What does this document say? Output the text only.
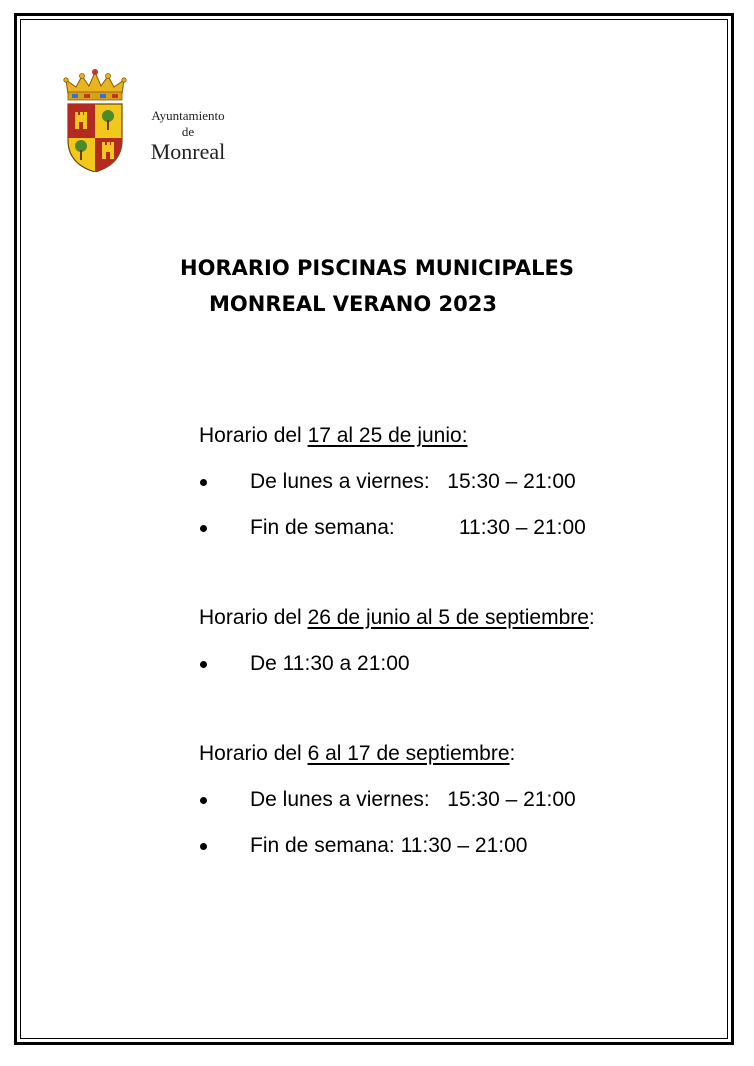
Ayuntamiento
de
Monreal
HORARIO PISCINAS MUNICIPALES
MONREAL VERANO 2023
Horario del 17 al 25 de junio:
De lunes a viernes:   15:30 – 21:00
Fin de semana:           11:30 – 21:00
Horario del 26 de junio al 5 de septiembre:
De 11:30 a 21:00
Horario del 6 al 17 de septiembre:
De lunes a viernes:   15:30 – 21:00
Fin de semana: 11:30 – 21:00
